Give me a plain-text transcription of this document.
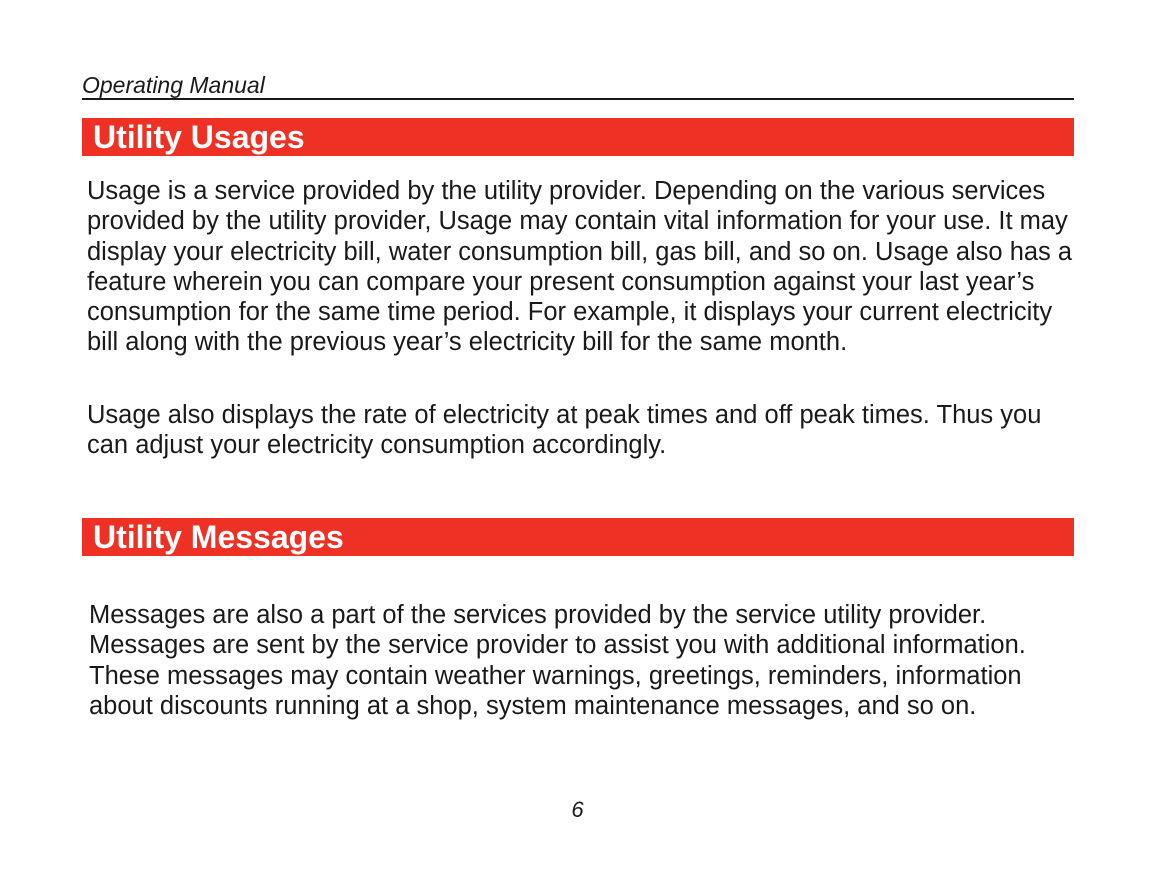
Operating Manual
Utility Usages

Usage is a service provided by the utility provider. Depending on the various services provided by the utility provider, Usage may contain vital information for your use. It may display your electricity bill, water consumption bill, gas bill, and so on. Usage also has a feature wherein you can compare your present consumption against your last year’s consumption for the same time period. For example, it displays your current electricity bill along with the previous year’s electricity bill for the same month.

Usage also displays the rate of electricity at peak times and off peak times. Thus you can adjust your electricity consumption accordingly.

Utility Messages

Messages are also a part of the services provided by the service utility provider. Messages are sent by the service provider to assist you with additional information. These messages may contain weather warnings, greetings, reminders, information about discounts running at a shop, system maintenance messages, and so on.

6
